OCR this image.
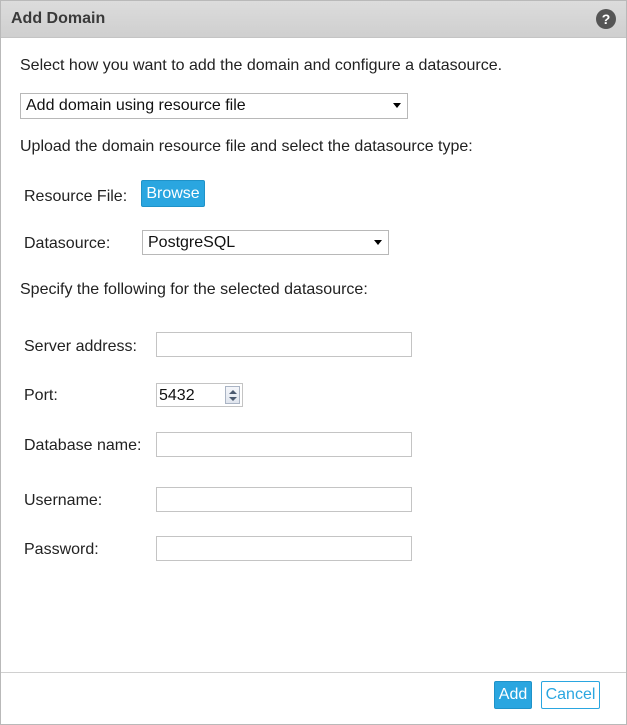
Add Domain	?
Select how you want to add the domain and configure a datasource.
Add domain using resource file
Upload the domain resource file and select the datasource type:
Resource File:	Browse
Datasource: PostgreSQL
Specify the following for the selected datasource:
Server address:
Port:	5432
Database name:
Username:
Password:
Add Cancel
